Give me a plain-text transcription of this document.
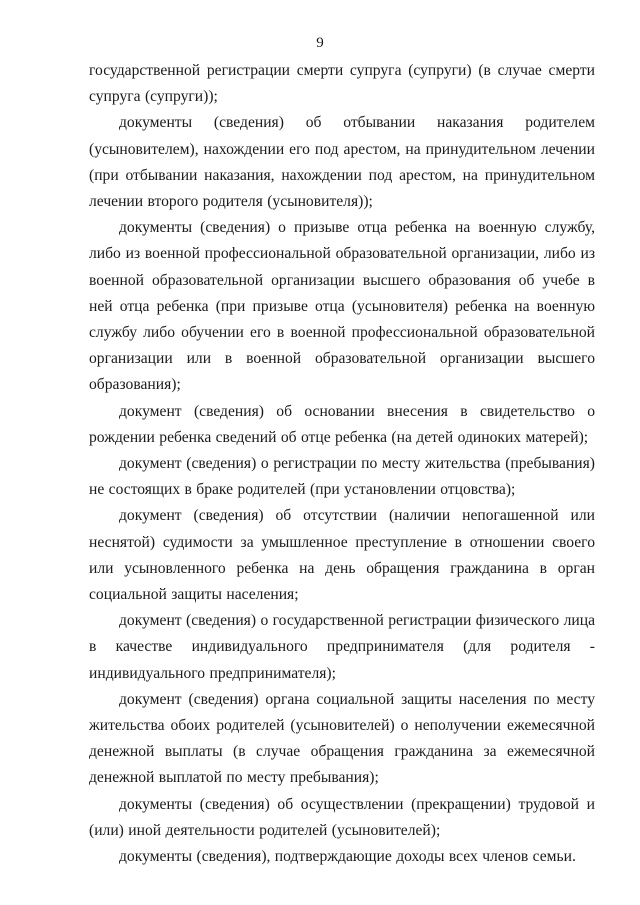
9

государственной регистрации смерти супруга (супруги) (в случае смерти супруга (супруги));

документы (сведения) об отбывании наказания родителем (усыновителем), нахождении его под арестом, на принудительном лечении (при отбывании наказания, нахождении под арестом, на принудительном лечении второго родителя (усыновителя));

документы (сведения) о призыве отца ребенка на военную службу, либо из военной профессиональной образовательной организации, либо из военной образовательной организации высшего образования об учебе в ней отца ребенка (при призыве отца (усыновителя) ребенка на военную службу либо обучении его в военной профессиональной образовательной организации или в военной образовательной организации высшего образования);

документ (сведения) об основании внесения в свидетельство о рождении ребенка сведений об отце ребенка (на детей одиноких матерей);

документ (сведения) о регистрации по месту жительства (пребывания) не состоящих в браке родителей (при установлении отцовства);

документ (сведения) об отсутствии (наличии непогашенной или неснятой) судимости за умышленное преступление в отношении своего или усыновленного ребенка на день обращения гражданина в орган социальной защиты населения;

документ (сведения) о государственной регистрации физического лица в качестве индивидуального предпринимателя (для родителя - индивидуального предпринимателя);

документ (сведения) органа социальной защиты населения по месту жительства обоих родителей (усыновителей) о неполучении ежемесячной денежной выплаты (в случае обращения гражданина за ежемесячной денежной выплатой по месту пребывания);

документы (сведения) об осуществлении (прекращении) трудовой и (или) иной деятельности родителей (усыновителей);

документы (сведения), подтверждающие доходы всех членов семьи.
